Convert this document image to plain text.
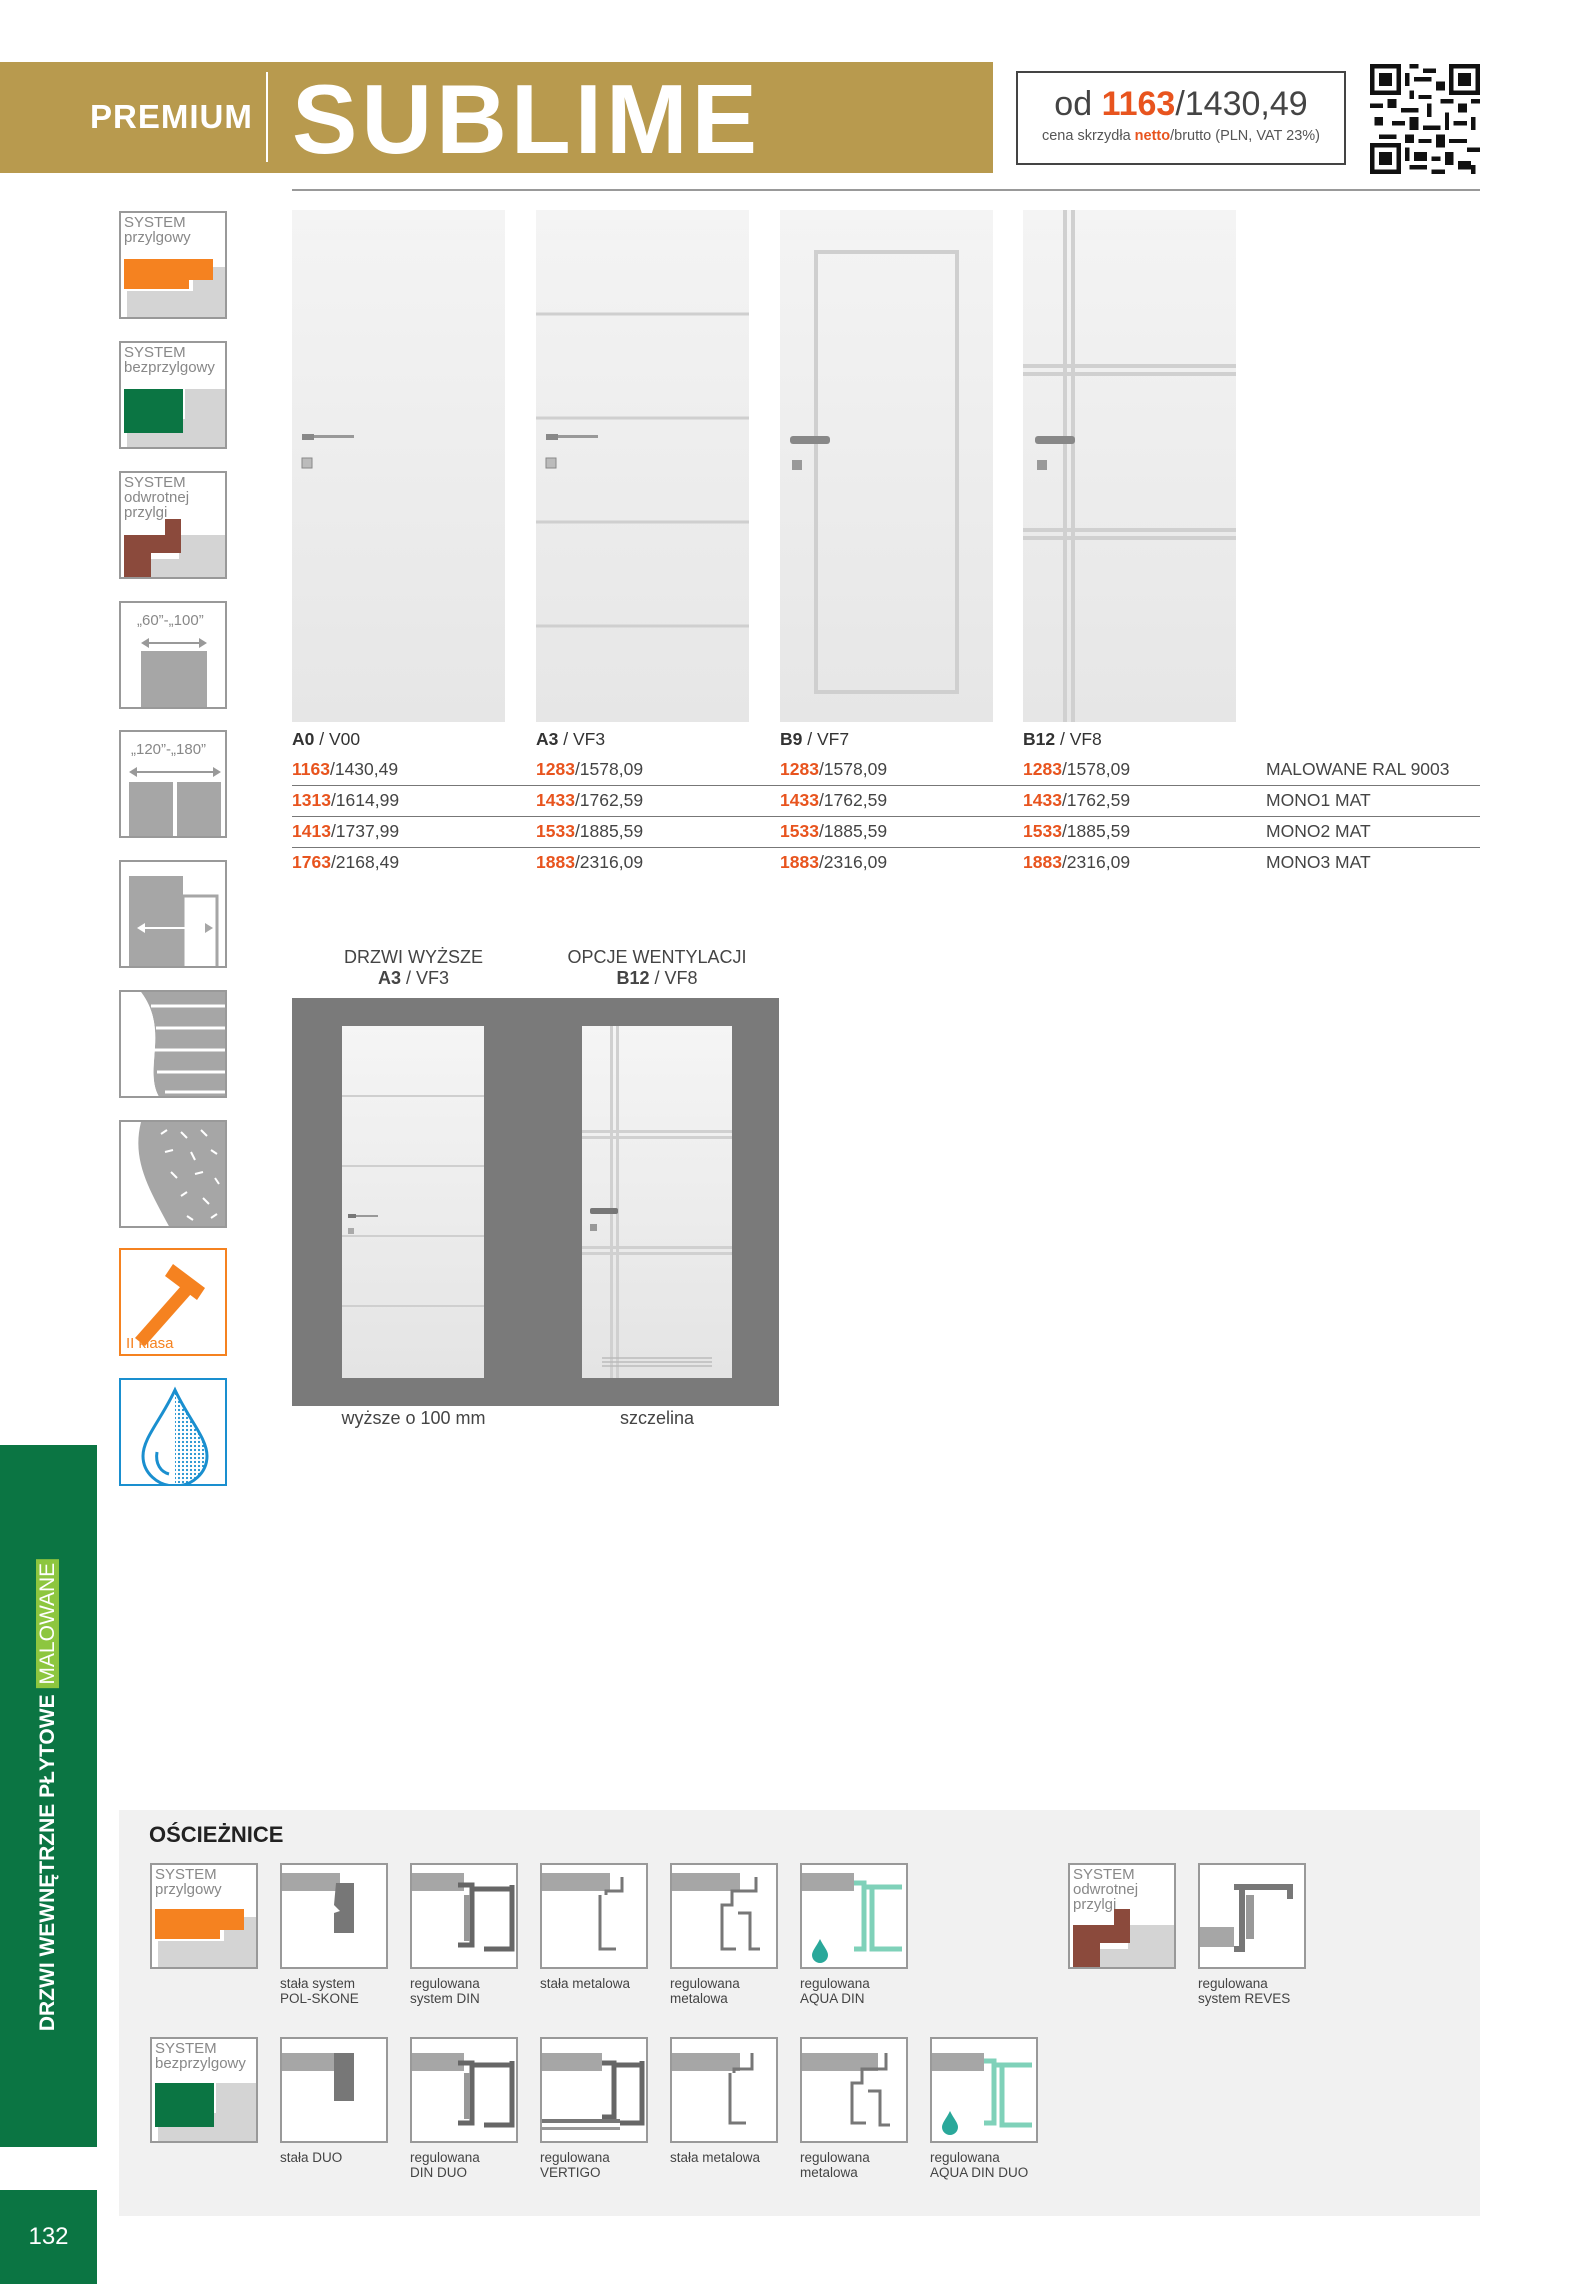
PREMIUM SUBLIME	od 1163/1430,49
cena skrzydła netto/brutto (PLN, VAT 23%)
SYSTEM przylgowy
SYSTEM bezprzylgowy
SYSTEM odwrotnej przylgi
„60”-„100”
„120”-„180”
II klasa
A0 / V00	A3 / VF3	B9 / VF7	B12 / VF8
1163/1430,49	1283/1578,09	1283/1578,09	1283/1578,09	MALOWANE RAL 9003
1313/1614,99	1433/1762,59	1433/1762,59	1433/1762,59	MONO1 MAT
1413/1737,99	1533/1885,59	1533/1885,59	1533/1885,59	MONO2 MAT
1763/2168,49	1883/2316,09	1883/2316,09	1883/2316,09	MONO3 MAT
DRZWI WYŻSZE
A3 / VF3
OPCJE WENTYLACJI
B12 / VF8
wyższe o 100 mm	szczelina
DRZWI WEWNĘTRZNE PŁYTOWE MALOWANE
132
OŚCIEŻNICE
SYSTEM przylgowy
SYSTEM odwrotnej przylgi
SYSTEM bezprzylgowy
stała system
POL-SKONE
regulowana
system DIN
stała metalowa	regulowana
metalowa
regulowana
AQUA DIN
regulowana
system REVES
stała DUO	regulowana
DIN DUO
regulowana
VERTIGO
stała metalowa	regulowana
metalowa
regulowana
AQUA DIN DUO
